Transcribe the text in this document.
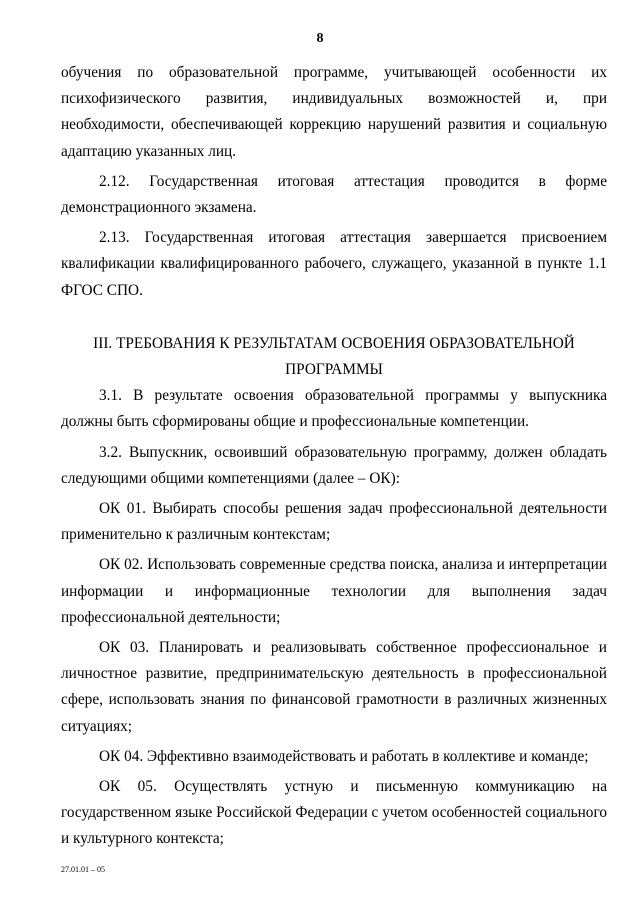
8

обучения по образовательной программе, учитывающей особенности их психофизического развития, индивидуальных возможностей и, при необходимости, обеспечивающей коррекцию нарушений развития и социальную адаптацию указанных лиц.

2.12. Государственная итоговая аттестация проводится в форме демонстрационного экзамена.

2.13. Государственная итоговая аттестация завершается присвоением квалификации квалифицированного рабочего, служащего, указанной в пункте 1.1 ФГОС СПО.

III. ТРЕБОВАНИЯ К РЕЗУЛЬТАТАМ ОСВОЕНИЯ ОБРАЗОВАТЕЛЬНОЙ
ПРОГРАММЫ

3.1. В результате освоения образовательной программы у выпускника должны быть сформированы общие и профессиональные компетенции.

3.2. Выпускник, освоивший образовательную программу, должен обладать следующими общими компетенциями (далее – ОК):

ОК 01. Выбирать способы решения задач профессиональной деятельности применительно к различным контекстам;

ОК 02. Использовать современные средства поиска, анализа и интерпретации информации и информационные технологии для выполнения задач профессиональной деятельности;

ОК 03. Планировать и реализовывать собственное профессиональное и личностное развитие, предпринимательскую деятельность в профессиональной сфере, использовать знания по финансовой грамотности в различных жизненных ситуациях;

ОК 04. Эффективно взаимодействовать и работать в коллективе и команде;

ОК 05. Осуществлять устную и письменную коммуникацию на государственном языке Российской Федерации с учетом особенностей социального и культурного контекста;

27.01.01 – 05
